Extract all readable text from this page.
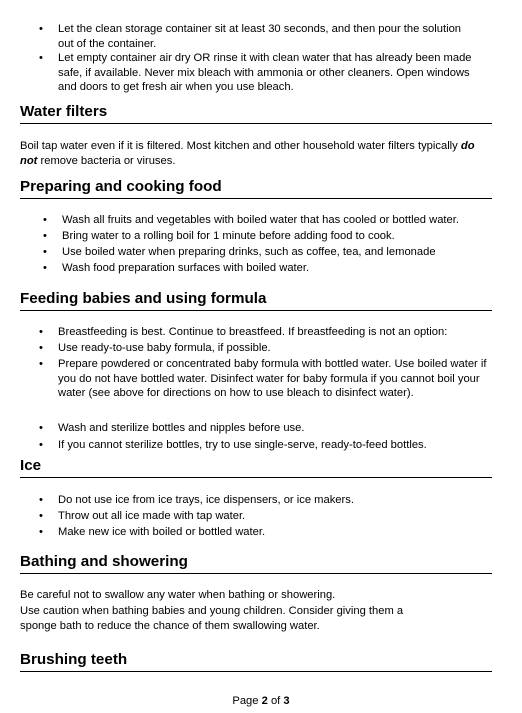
•	Let the clean storage container sit at least 30 seconds, and then pour the solution out of the container.
•	Let empty container air dry OR rinse it with clean water that has already been made safe, if available. Never mix bleach with ammonia or other cleaners. Open windows and doors to get fresh air when you use bleach.
Water filters

Boil tap water even if it is filtered. Most kitchen and other household water filters typically do not remove bacteria or viruses.

Preparing and cooking food
•	Wash all fruits and vegetables with boiled water that has cooled or bottled water.
•	Bring water to a rolling boil for 1 minute before adding food to cook.
•	Use boiled water when preparing drinks, such as coffee, tea, and lemonade
•	Wash food preparation surfaces with boiled water.
Feeding babies and using formula
•	Breastfeeding is best. Continue to breastfeed. If breastfeeding is not an option:
•	Use ready-to-use baby formula, if possible.
•	Prepare powdered or concentrated baby formula with bottled water. Use boiled water if you do not have bottled water. Disinfect water for baby formula if you cannot boil your water (see above for directions on how to use bleach to disinfect water).
•	Wash and sterilize bottles and nipples before use.
•	If you cannot sterilize bottles, try to use single-serve, ready-to-feed bottles.
Ice
•	Do not use ice from ice trays, ice dispensers, or ice makers.
•	Throw out all ice made with tap water.
•	Make new ice with boiled or bottled water.
Bathing and showering

Be careful not to swallow any water when bathing or showering.

Use caution when bathing babies and young children. Consider giving them a sponge bath to reduce the chance of them swallowing water.

Brushing teeth
Page 2 of 3
